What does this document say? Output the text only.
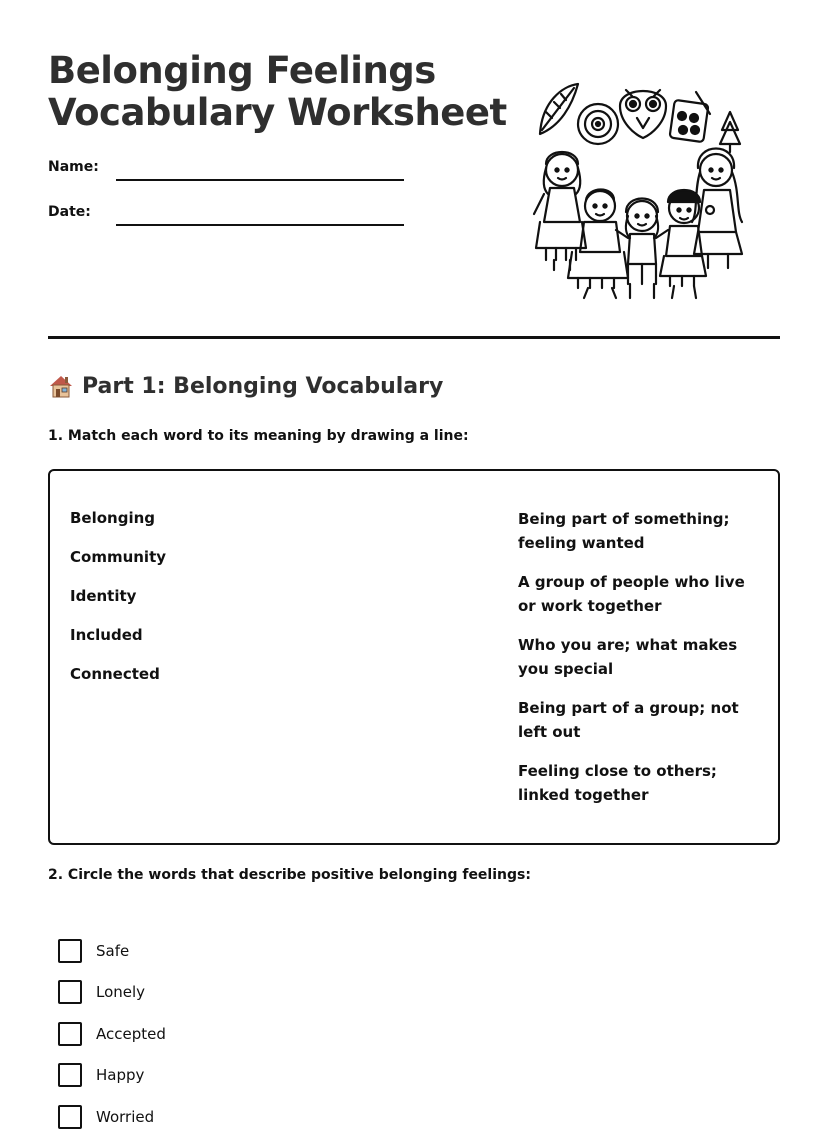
Belonging Feelings
Vocabulary Worksheet
Name:
Date:
Part 1: Belonging Vocabulary
1. Match each word to its meaning by drawing a line:
Belonging
Community
Identity
Included
Connected
Being part of something; feeling wanted
A group of people who live or work together
Who you are; what makes you special
Being part of a group; not left out
Feeling close to others; linked together
2. Circle the words that describe positive belonging feelings:
Safe
Lonely
Accepted
Happy
Worried
